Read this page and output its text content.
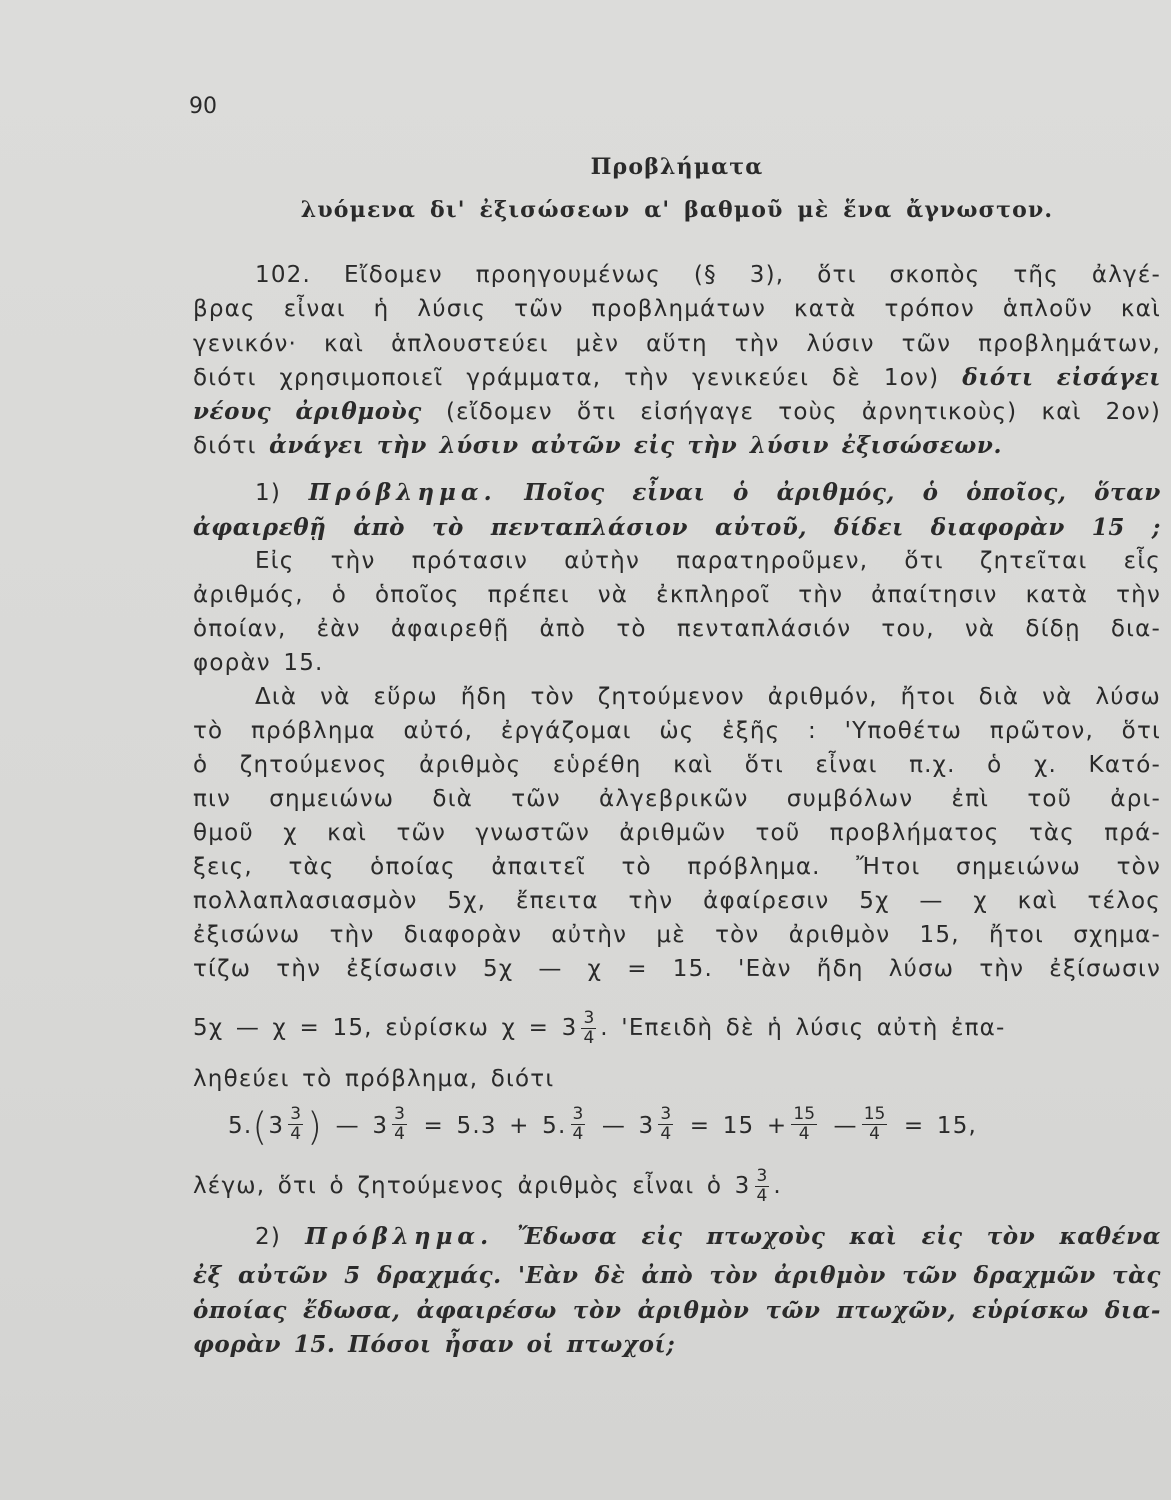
90
Προβλήματα
λυόμενα δι' ἐξισώσεων α' βαθμοῦ μὲ ἕνα ἄγνωστον.
102. Εἴδομεν προηγουμένως (§ 3), ὅτι σκοπὸς τῆς ἀλγέ-
βρας εἶναι ἡ λύσις τῶν προβλημάτων κατὰ τρόπον ἁπλοῦν καὶ
γενικόν· καὶ ἁπλουστεύει μὲν αὕτη τὴν λύσιν τῶν προβλημάτων,
διότι χρησιμοποιεῖ γράμματα, τὴν γενικεύει δὲ 1ον) διότι εἰσάγει
νέους ἀριθμοὺς (εἴδομεν ὅτι εἰσήγαγε τοὺς ἀρνητικοὺς) καὶ 2ον)
διότι ἀνάγει τὴν λύσιν αὐτῶν εἰς τὴν λύσιν ἐξισώσεων.
1) Πρόβλημα. Ποῖος εἶναι ὁ ἀριθμός, ὁ ὁποῖος, ὅταν
ἀφαιρεθῇ ἀπὸ τὸ πενταπλάσιον αὐτοῦ, δίδει διαφορὰν 15 ;
Εἰς τὴν πρότασιν αὐτὴν παρατηροῦμεν, ὅτι ζητεῖται εἷς
ἀριθμός, ὁ ὁποῖος πρέπει νὰ ἐκπληροῖ τὴν ἀπαίτησιν κατὰ τὴν
ὁποίαν, ἐὰν ἀφαιρεθῇ ἀπὸ τὸ πενταπλάσιόν του, νὰ δίδῃ δια-
φορὰν 15.
Διὰ νὰ εὕρω ἤδη τὸν ζητούμενον ἀριθμόν, ἤτοι διὰ νὰ λύσω
τὸ πρόβλημα αὐτό, ἐργάζομαι ὡς ἑξῆς : 'Υποθέτω πρῶτον, ὅτι
ὁ ζητούμενος ἀριθμὸς εὑρέθη καὶ ὅτι εἶναι π.χ. ὁ χ. Κατό-
πιν σημειώνω διὰ τῶν ἀλγεβρικῶν συμβόλων ἐπὶ τοῦ ἀρι-
θμοῦ χ καὶ τῶν γνωστῶν ἀριθμῶν τοῦ προβλήματος τὰς πρά-
ξεις, τὰς ὁποίας ἀπαιτεῖ τὸ πρόβλημα. Ἤτοι σημειώνω τὸν
πολλαπλασιασμὸν 5χ, ἔπειτα τὴν ἀφαίρεσιν 5χ — χ καὶ τέλος
ἐξισώνω τὴν διαφορὰν αὐτὴν μὲ τὸν ἀριθμὸν 15, ἤτοι σχημα-
τίζω τὴν ἐξίσωσιν 5χ — χ = 15. 'Εὰν ἤδη λύσω τὴν ἐξίσωσιν
5χ — χ = 15, εὑρίσκω $\chi = 3 \frac{3}{4}$ . 'Επειδὴ δὲ ἡ λύσις αὐτὴ ἐπα-
ληθεύει τὸ πρόβλημα, διότι
$5.(3 \frac{3}{4}$ ) — $3 \frac{3}{4} = 5.3 + 5$. $\frac{3}{4}$ — $3 \frac{3}{4} = 15 + \frac{15}{4}$ — $\frac{15}{4} = 15$,
λέγω, ὅτι ὁ ζητούμενος ἀριθμὸς εἶναι ὁ $3 \frac{3}{4}$ .
2) Πρόβλημα. Ἔδωσα εἰς πτωχοὺς καὶ εἰς τὸν καθένα
ἐξ αὐτῶν 5 δραχμάς. 'Εὰν δὲ ἀπὸ τὸν ἀριθμὸν τῶν δραχμῶν τὰς
ὁποίας ἔδωσα, ἀφαιρέσω τὸν ἀριθμὸν τῶν πτωχῶν, εὑρίσκω δια-
φορὰν 15. Πόσοι ἦσαν οἱ πτωχοί;
